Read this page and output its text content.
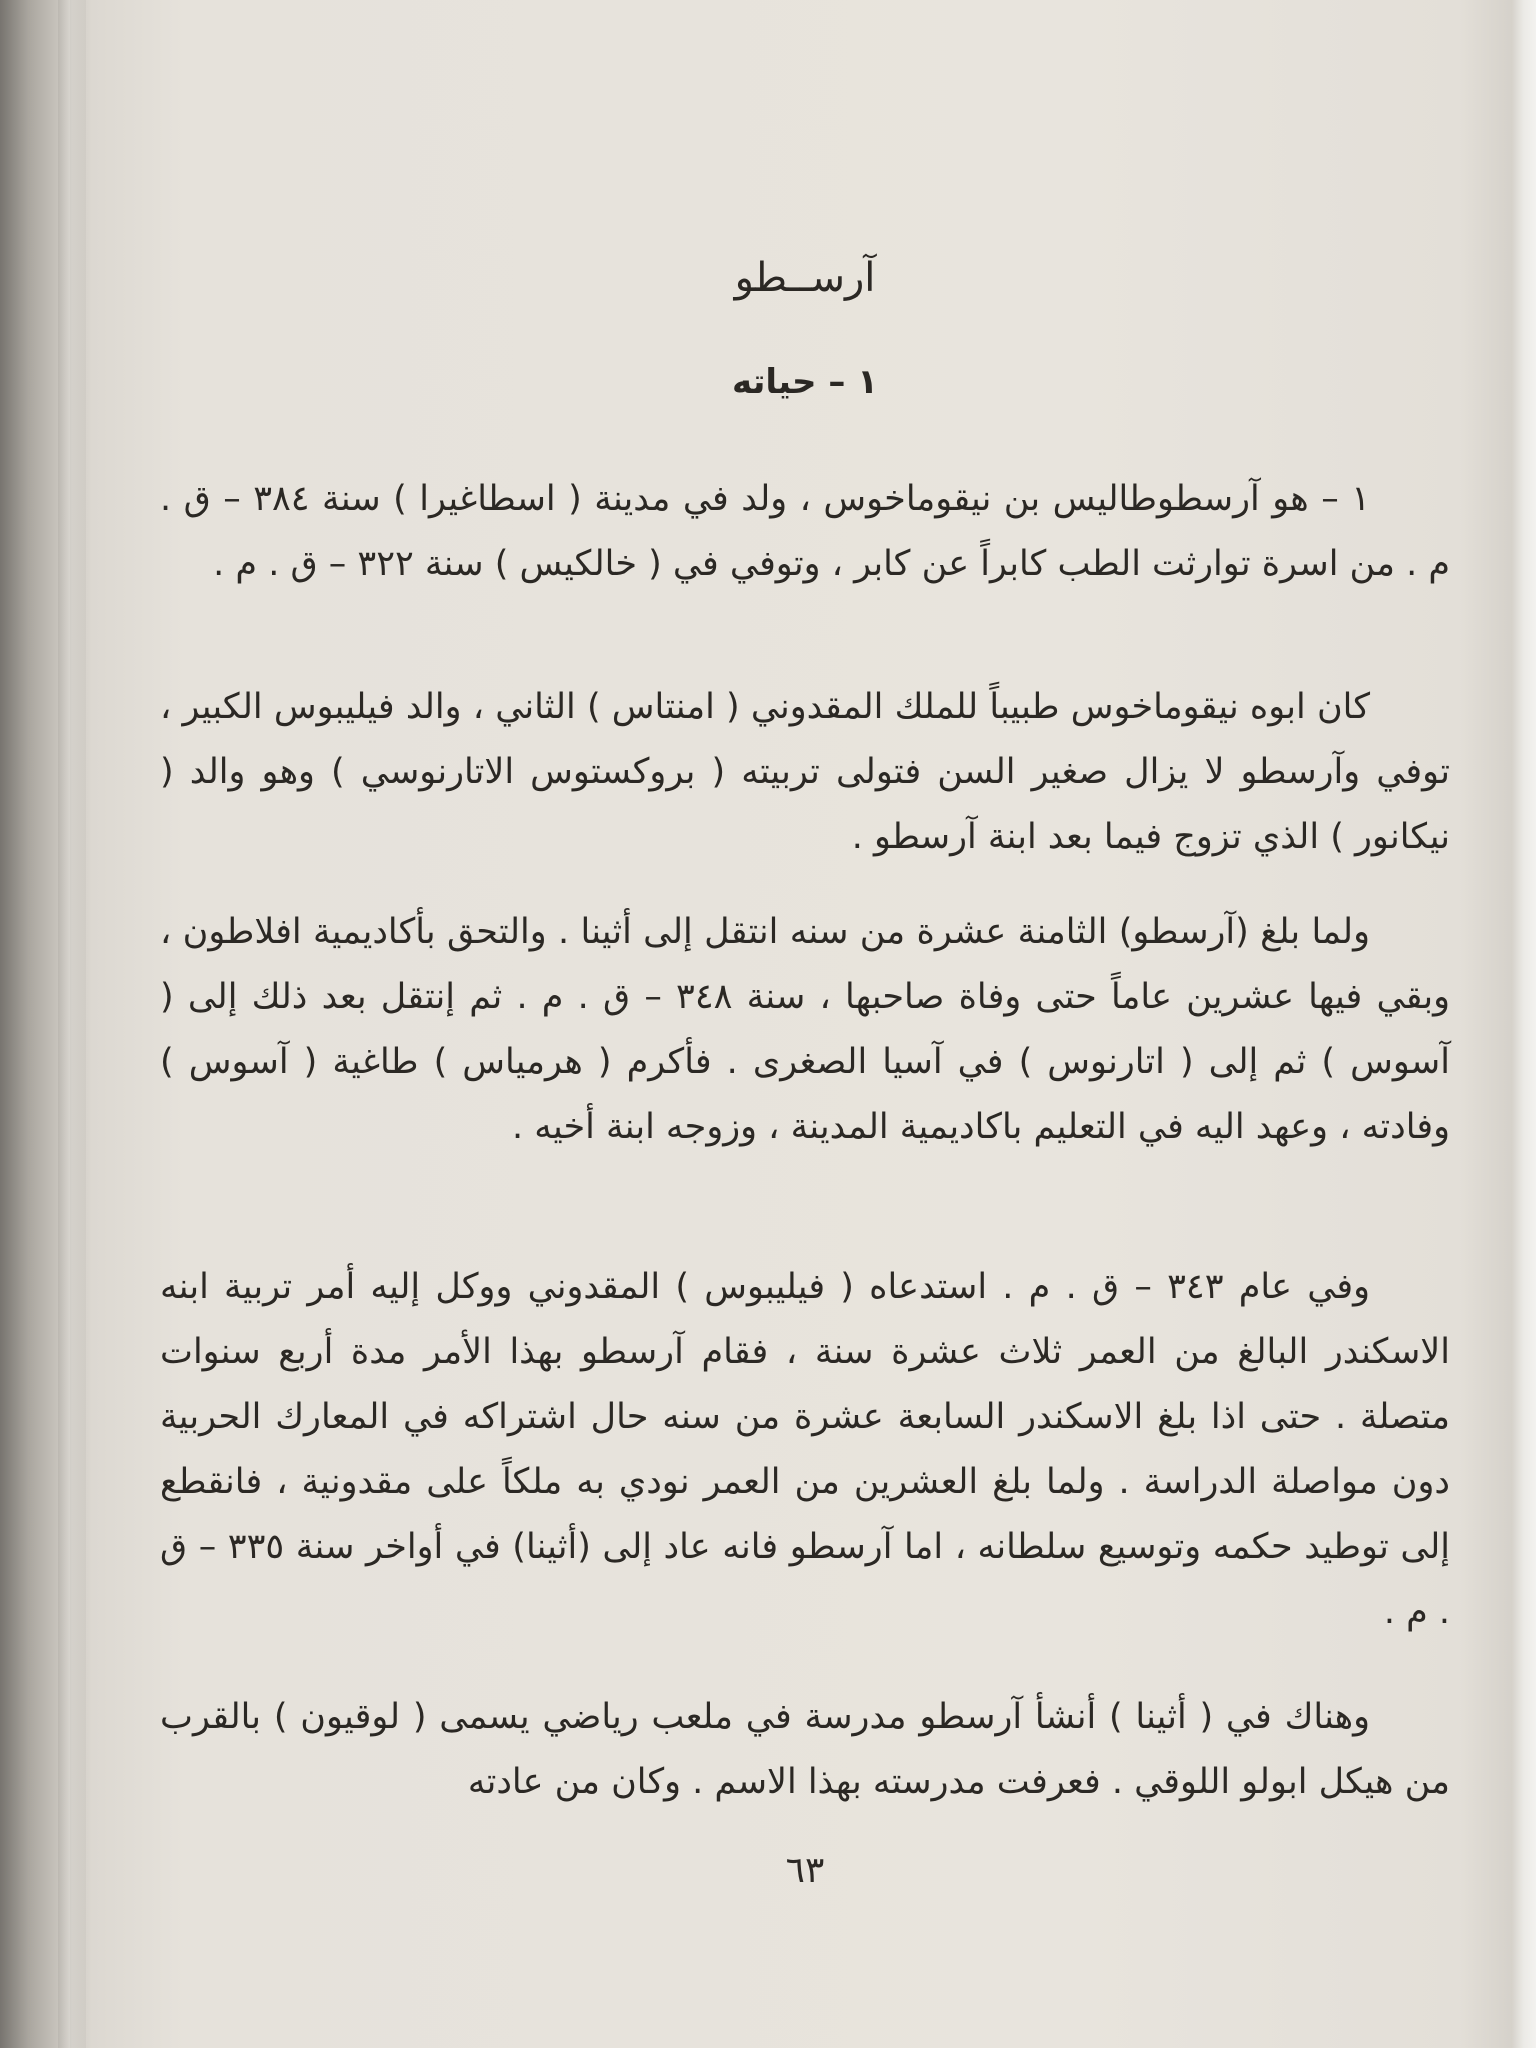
آرســطو
١ – حياته

١ – هو آرسطوطاليس بن نيقوماخوس ، ولد في مدينة ( اسطاغيرا ) سنة ٣٨٤ – ق . م . من اسرة توارثت الطب كابراً عن كابر ، وتوفي في ( خالكيس ) سنة ٣٢٢ – ق . م .

كان ابوه نيقوماخوس طبيباً للملك المقدوني ( امنتاس ) الثاني ، والد فيليبوس الكبير ، توفي وآرسطو لا يزال صغير السن فتولى تربيته ( بروكستوس الاتارنوسي ) وهو والد ( نيكانور ) الذي تزوج فيما بعد ابنة آرسطو .

ولما بلغ (آرسطو) الثامنة عشرة من سنه انتقل إلى أثينا . والتحق بأكاديمية افلاطون ، وبقي فيها عشرين عاماً حتى وفاة صاحبها ، سنة ٣٤٨ – ق . م . ثم إنتقل بعد ذلك إلى ( آسوس ) ثم إلى ( اتارنوس ) في آسيا الصغرى . فأكرم ( هرمياس ) طاغية ( آسوس ) وفادته ، وعهد اليه في التعليم باكاديمية المدينة ، وزوجه ابنة أخيه .

وفي عام ٣٤٣ – ق . م . استدعاه ( فيليبوس ) المقدوني ووكل إليه أمر تربية ابنه الاسكندر البالغ من العمر ثلاث عشرة سنة ، فقام آرسطو بهذا الأمر مدة أربع سنوات متصلة . حتى اذا بلغ الاسكندر السابعة عشرة من سنه حال اشتراكه في المعارك الحربية دون مواصلة الدراسة . ولما بلغ العشرين من العمر نودي به ملكاً على مقدونية ، فانقطع إلى توطيد حكمه وتوسيع سلطانه ، اما آرسطو فانه عاد إلى (أثينا) في أواخر سنة ٣٣٥ – ق . م .

وهناك في ( أثينا ) أنشأ آرسطو مدرسة في ملعب رياضي يسمى ( لوقيون ) بالقرب من هيكل ابولو اللوقي . فعرفت مدرسته بهذا الاسم . وكان من عادته

٦٣
